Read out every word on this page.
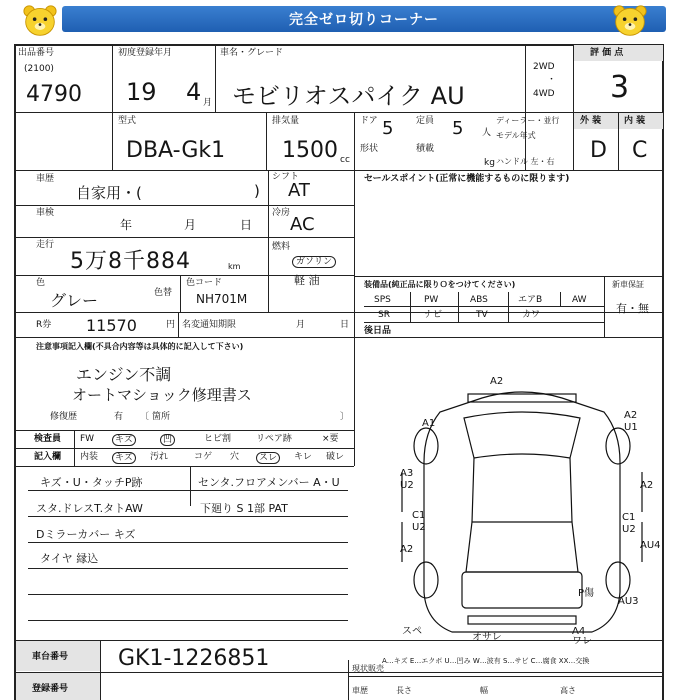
完全ゼロ切りコーナー
出品番号
(2100)
4790
初度登録年月
19 4 月
車名・グレード
モビリオスパイク AU
2WD
・
4WD
評 価 点
3
型式
DBA-Gk1
排気量
1500 cc
ドア 5	定員 5 人
形状	積載
kg
ディーラー・並行
モデル年式
ハンドル 左・右
外 装	内 装
D C
車歴
自家用・(	)
車検
年	月	日
走行
5万8千884	km
色
グレー	色替
色コード
NH701M
R券 11570	円 名変通知期限	月	日
シフト
AT
冷房
AC
燃料
ガソリン
軽 油
セールスポイント(正常に機能するものに限ります)
装備品(純正品に限りＯをつけてください)	新車保証
有・無
SPS	PW	ABS	エアB	AW
SR	ナビ	TV	カワ
後日品
注意事項記入欄(不具合内容等は具体的に記入して下さい)
エンジン不調
オートマショック修理書ス
修復歴	有 〔 箇所	〕
検査員
記入欄
FW	キズ	凹	ヒビ割	リペア跡	×要
内装	キズ	汚れ	コゲ 穴	スレ	キレ 破レ
キズ・U・タッチP跡
スタ.ドレスT.タトAW
Dミラーカバー キズ
タイヤ 縁込
センタ.フロアメンバー A・U
下廻り S 1部 PAT
A2
A1
A2
U1
A3
U2	A2
C1
U2
C1
U2
A2	AU4
P傷
AU3
A4
ワレ
スペ
オサレ
A…キズ E…エクボ U…凹み W…波有 S…サビ C…腐食 XX…交換
車台番号 GK1-1226851
登録番号
現状販売
車歴	長さ	幅	高さ
